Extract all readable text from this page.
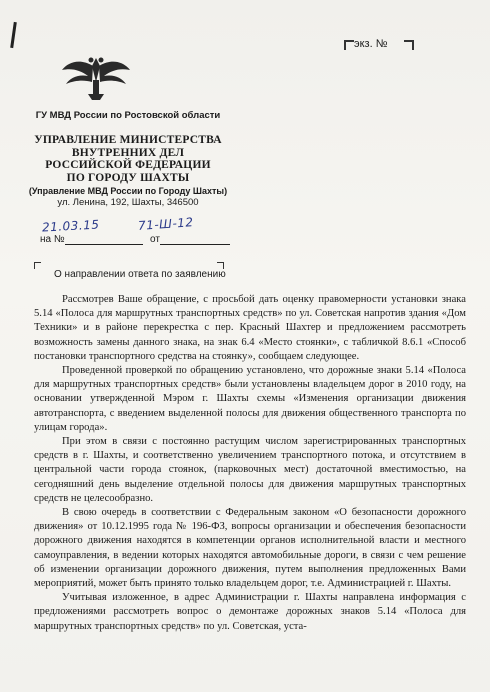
экз. №
ГУ МВД России по Ростовской области
УПРАВЛЕНИЕ МИНИСТЕРСТВА
ВНУТРЕННИХ ДЕЛ
РОССИЙСКОЙ ФЕДЕРАЦИИ
ПО ГОРОДУ ШАХТЫ
(Управление МВД России по Городу Шахты)
ул. Ленина, 192, Шахты, 346500
21.03.15	71-Ш-12
на №	от
О направлении ответа по заявлению

Рассмотрев Ваше обращение, с просьбой дать оценку правомерности установки знака 5.14 «Полоса для маршрутных транспортных средств» по ул. Советская напротив здания «Дом Техники» и в районе перекрестка с пер. Красный Шахтер и предложением рассмотреть возможность замены данного знака, на знак 6.4 «Место стоянки», с табличкой 8.6.1 «Способ постановки транспортного средства на стоянку», сообщаем следующее.

Проведенной проверкой по обращению установлено, что дорожные знаки 5.14 «Полоса для маршрутных транспортных средств» были установлены владельцем дорог в 2010 году, на основании утвержденной Мэром г. Шахты схемы «Изменения организации движения автотранспорта, с введением выделенной полосы для движения общественного транспорта по улицам города».

При этом в связи с постоянно растущим числом зарегистрированных транспортных средств в г. Шахты, и соответственно увеличением транспортного потока, и отсутствием в центральной части города стоянок, (парковочных мест) достаточной вместимостью, на сегодняшний день выделение отдельной полосы для движения маршрутных транспортных средств не целесообразно.

В свою очередь в соответствии с Федеральным законом «О безопасности дорожного движения» от 10.12.1995 года № 196-ФЗ, вопросы организации и обеспечения безопасности дорожного движения находятся в компетенции органов исполнительной власти и местного самоуправления, в ведении которых находятся автомобильные дороги, в связи с чем решение об изменении организации дорожного движения, путем выполнения предложенных Вами мероприятий, может быть принято только владельцем дорог, т.е. Администрацией г. Шахты.

Учитывая изложенное, в адрес Администрации г. Шахты направлена информация с предложениями рассмотреть вопрос о демонтаже дорожных знаков 5.14 «Полоса для маршрутных транспортных средств» по ул. Советская, уста-
